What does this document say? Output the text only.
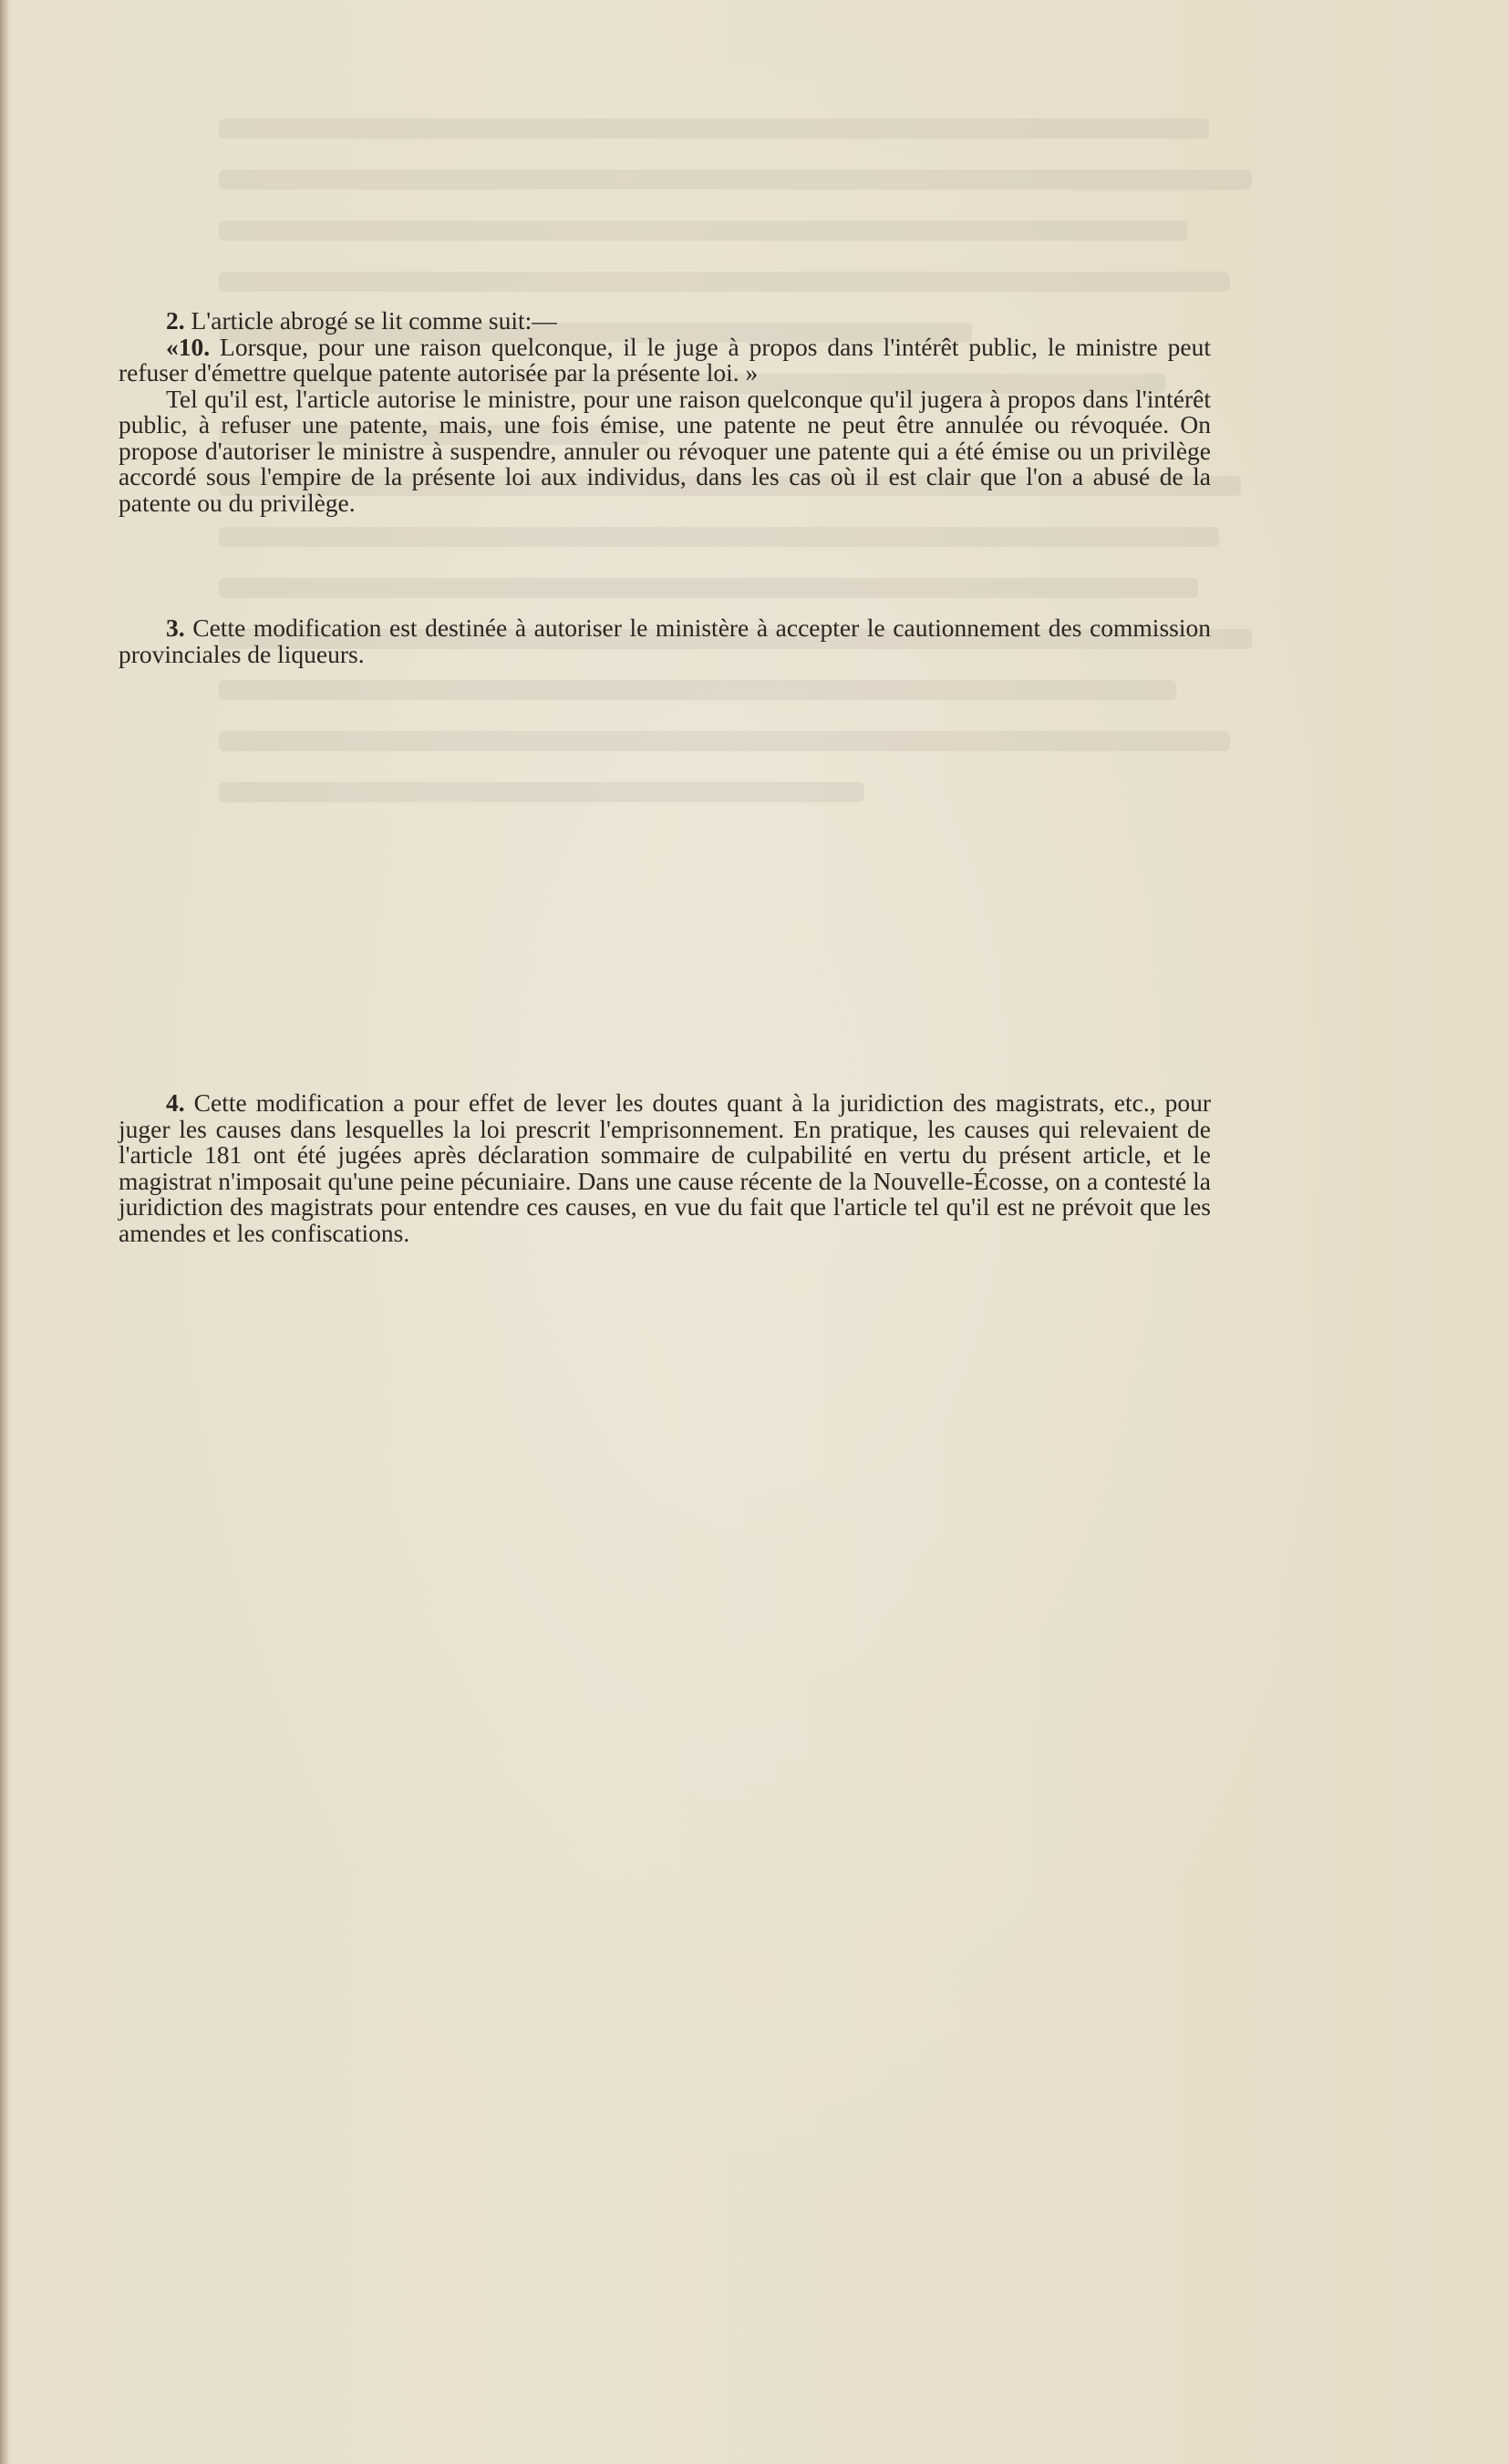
2. L'article abrogé se lit comme suit:—

«10. Lorsque, pour une raison quelconque, il le juge à propos dans l'intérêt public, le ministre peut refuser d'émettre quelque patente autorisée par la présente loi. »

Tel qu'il est, l'article autorise le ministre, pour une raison quelconque qu'il jugera à propos dans l'intérêt public, à refuser une patente, mais, une fois émise, une patente ne peut être annulée ou révoquée. On propose d'autoriser le ministre à suspendre, annuler ou révoquer une patente qui a été émise ou un privilège accordé sous l'empire de la présente loi aux individus, dans les cas où il est clair que l'on a abusé de la patente ou du privilège.

3. Cette modification est destinée à autoriser le ministère à accepter le cautionnement des commission provinciales de liqueurs.

4. Cette modification a pour effet de lever les doutes quant à la juridiction des magistrats, etc., pour juger les causes dans lesquelles la loi prescrit l'emprisonnement. En pratique, les causes qui relevaient de l'article 181 ont été jugées après déclaration sommaire de culpabilité en vertu du présent article, et le magistrat n'imposait qu'une peine pécuniaire. Dans une cause récente de la Nouvelle-Écosse, on a contesté la juridiction des magistrats pour entendre ces causes, en vue du fait que l'article tel qu'il est ne prévoit que les amendes et les confiscations.
